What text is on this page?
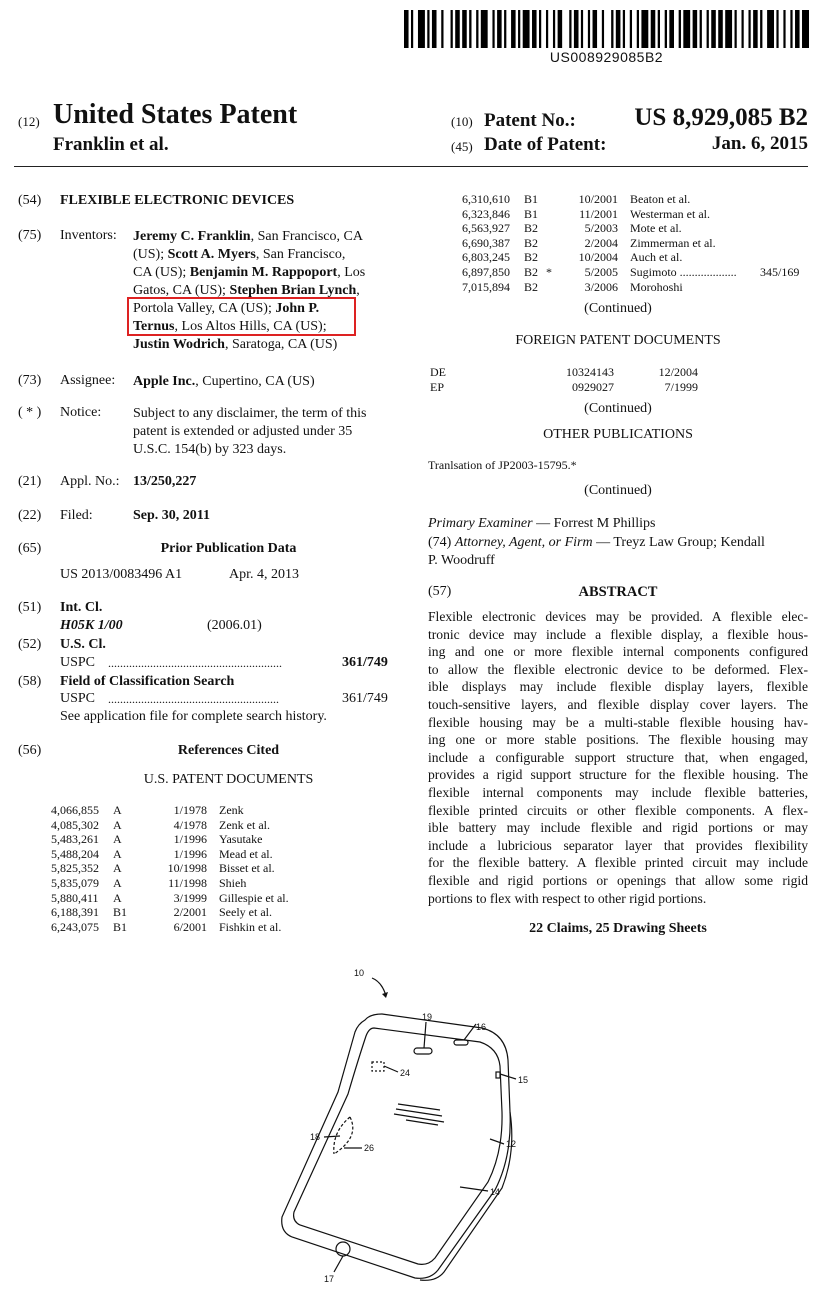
US008929085B2
(12) United States Patent
Franklin et al.
(10) Patent No.:	US 8,929,085 B2
(45) Date of Patent:	Jan. 6, 2015
(54) FLEXIBLE ELECTRONIC DEVICES
(75) Inventors: Jeremy C. Franklin, San Francisco, CA
(US); Scott A. Myers, San Francisco,
CA (US); Benjamin M. Rappoport, Los
Gatos, CA (US); Stephen Brian Lynch,
Portola Valley, CA (US); John P.
Ternus, Los Altos Hills, CA (US);
Justin Wodrich, Saratoga, CA (US)
(73) Assignee: Apple Inc., Cupertino, CA (US)
( * ) Notice: Subject to any disclaimer, the term of this
patent is extended or adjusted under 35
U.S.C. 154(b) by 323 days.
(21) Appl. No.: 13/250,227
(22) Filed:	Sep. 30, 2011
(65)	Prior Publication Data
US 2013/0083496 A1	Apr. 4, 2013
(51) Int. Cl.
H05K 1/00	(2006.01)
(52) U.S. Cl.
USPC ..........................................................	361/749
(58) Field of Classification Search
USPC .........................................................	361/749
See application file for complete search history.
(56)	References Cited
U.S. PATENT DOCUMENTS
4,066,855	A		1/1978	Zenk
4,085,302	A		4/1978	Zenk et al.
5,483,261	A		1/1996	Yasutake
5,488,204	A		1/1996	Mead et al.
5,825,352	A		10/1998	Bisset et al.
5,835,079	A		11/1998	Shieh
5,880,411	A		3/1999	Gillespie et al.
6,188,391	B1		2/2001	Seely et al.
6,243,075	B1		6/2001	Fishkin et al.
6,310,610	B1		10/2001	Beaton et al.	
6,323,846	B1		11/2001	Westerman et al.	
6,563,927	B2		5/2003	Mote et al.	
6,690,387	B2		2/2004	Zimmerman et al.	
6,803,245	B2		10/2004	Auch et al.	
6,897,850	B2	*	5/2005	Sugimoto ...................	345/169
7,015,894	B2		3/2006	Morohoshi	
(Continued)
FOREIGN PATENT DOCUMENTS
DE	10324143	12/2004
EP	0929027	7/1999
(Continued)
OTHER PUBLICATIONS
Tranlsation of JP2003-15795.*
(Continued)
Primary Examiner — Forrest M Phillips
(74) Attorney, Agent, or Firm — Treyz Law Group; Kendall
P. Woodruff
(57)	ABSTRACT
Flexible electronic devices may be provided. A flexible elec-
tronic device may include a flexible display, a flexible hous-
ing and one or more flexible internal components configured
to allow the flexible electronic device to be deformed. Flex-
ible displays may include flexible display layers, flexible
touch-sensitive layers, and flexible display cover layers. The
flexible housing may be a multi-stable flexible housing hav-
ing one or more stable positions. The flexible housing may
include a configurable support structure that, when engaged,
provides a rigid support structure for the flexible housing. The
flexible internal components may include flexible batteries,
flexible printed circuits or other flexible components. A flex-
ible battery may include flexible and rigid portions or may
include a lubricious separator layer that provides flexibility
for the flexible battery. A flexible printed circuit may include
flexible and rigid portions or openings that allow some rigid
portions to flex with respect to other rigid portions.
22 Claims, 25 Drawing Sheets
10
19
16
24
15
18
26	12
14
17
